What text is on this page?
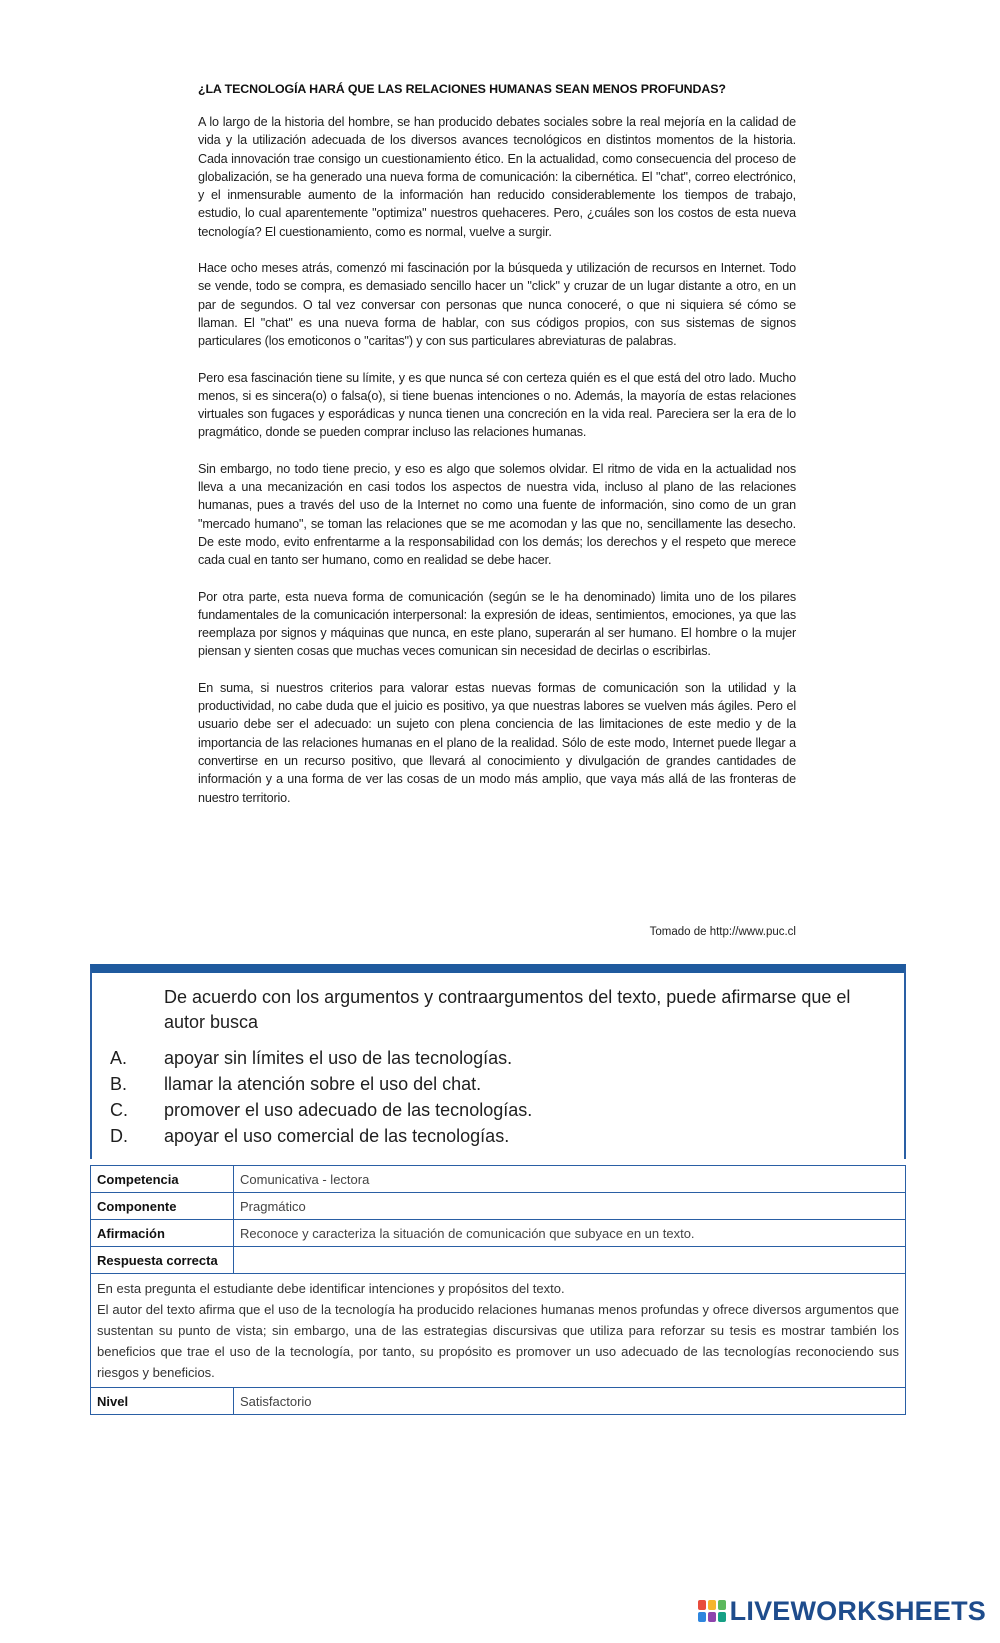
¿LA TECNOLOGÍA HARÁ QUE LAS RELACIONES HUMANAS SEAN MENOS PROFUNDAS?

A lo largo de la historia del hombre, se han producido debates sociales sobre la real mejoría en la calidad de vida y la utilización adecuada de los diversos avances tecnológicos en distintos momentos de la historia. Cada innovación trae consigo un cuestionamiento ético. En la actualidad, como consecuencia del proceso de globalización, se ha generado una nueva forma de comunicación: la cibernética. El "chat", correo electrónico, y el inmensurable aumento de la información han reducido considerablemente los tiempos de trabajo, estudio, lo cual aparentemente "optimiza" nuestros quehaceres. Pero, ¿cuáles son los costos de esta nueva tecnología? El cuestionamiento, como es normal, vuelve a surgir.

Hace ocho meses atrás, comenzó mi fascinación por la búsqueda y utilización de recursos en Internet. Todo se vende, todo se compra, es demasiado sencillo hacer un "click" y cruzar de un lugar distante a otro, en un par de segundos. O tal vez conversar con personas que nunca conoceré, o que ni siquiera sé cómo se llaman. El "chat" es una nueva forma de hablar, con sus códigos propios, con sus sistemas de signos particulares (los emoticonos o "caritas") y con sus particulares abreviaturas de palabras.

Pero esa fascinación tiene su límite, y es que nunca sé con certeza quién es el que está del otro lado. Mucho menos, si es sincera(o) o falsa(o), si tiene buenas intenciones o no. Además, la mayoría de estas relaciones virtuales son fugaces y esporádicas y nunca tienen una concreción en la vida real. Pareciera ser la era de lo pragmático, donde se pueden comprar incluso las relaciones humanas.

Sin embargo, no todo tiene precio, y eso es algo que solemos olvidar. El ritmo de vida en la actualidad nos lleva a una mecanización en casi todos los aspectos de nuestra vida, incluso al plano de las relaciones humanas, pues a través del uso de la Internet no como una fuente de información, sino como de un gran "mercado humano", se toman las relaciones que se me acomodan y las que no, sencillamente las desecho. De este modo, evito enfrentarme a la responsabilidad con los demás; los derechos y el respeto que merece cada cual en tanto ser humano, como en realidad se debe hacer.

Por otra parte, esta nueva forma de comunicación (según se le ha denominado) limita uno de los pilares fundamentales de la comunicación interpersonal: la expresión de ideas, sentimientos, emociones, ya que las reemplaza por signos y máquinas que nunca, en este plano, superarán al ser humano. El hombre o la mujer piensan y sienten cosas que muchas veces comunican sin necesidad de decirlas o escribirlas.

En suma, si nuestros criterios para valorar estas nuevas formas de comunicación son la utilidad y la productividad, no cabe duda que el juicio es positivo, ya que nuestras labores se vuelven más ágiles. Pero el usuario debe ser el adecuado: un sujeto con plena conciencia de las limitaciones de este medio y de la importancia de las relaciones humanas en el plano de la realidad. Sólo de este modo, Internet puede llegar a convertirse en un recurso positivo, que llevará al conocimiento y divulgación de grandes cantidades de información y a una forma de ver las cosas de un modo más amplio, que vaya más allá de las fronteras de nuestro territorio.

Tomado de http://www.puc.cl
De acuerdo con los argumentos y contraargumentos del texto, puede afirmarse que el autor busca
A.	apoyar sin límites el uso de las tecnologías.
B.	llamar la atención sobre el uso del chat.
C.	promover el uso adecuado de las tecnologías.
D.	apoyar el uso comercial de las tecnologías.
Competencia	Comunicativa - lectora
Componente	Pragmático
Afirmación	Reconoce y caracteriza la situación de comunicación que subyace en un texto.
Respuesta correcta	

En esta pregunta el estudiante debe identificar intenciones y propósitos del texto.

El autor del texto afirma que el uso de la tecnología ha producido relaciones humanas menos profundas y ofrece diversos argumentos que sustentan su punto de vista; sin embargo, una de las estrategias discursivas que utiliza para reforzar su tesis es mostrar también los beneficios que trae el uso de la tecnología, por tanto, su propósito es promover un uso adecuado de las tecnologías reconociendo sus riesgos y beneficios.	

Nivel	Satisfactorio
LIVEWORKSHEETS
